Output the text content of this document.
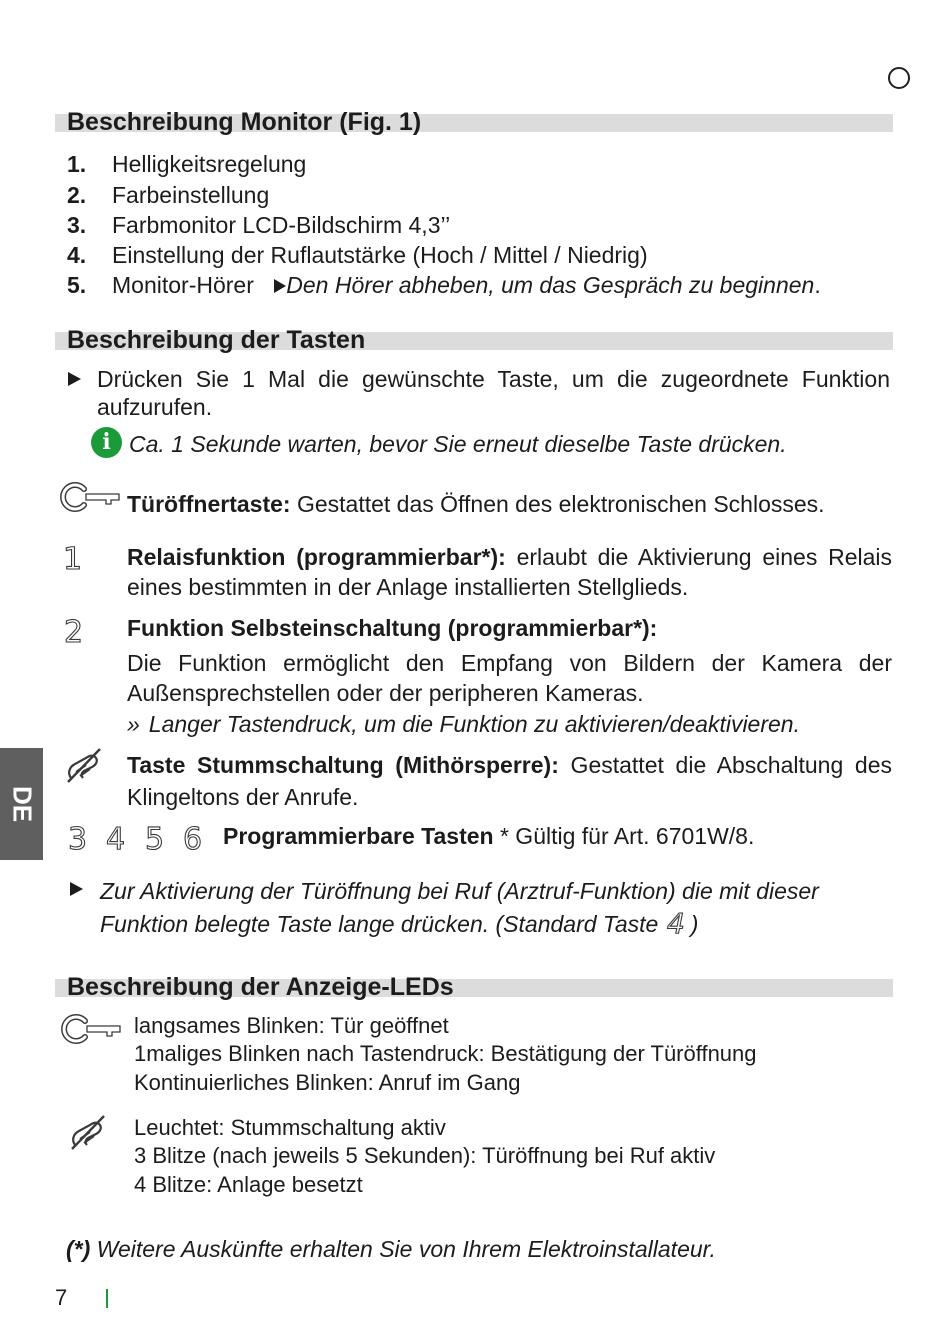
DE
Beschreibung Monitor (Fig. 1)
1. Helligkeitsregelung
2. Farbeinstellung
3. Farbmonitor LCD-Bildschirm 4,3’’
4. Einstellung der Ruflautstärke (Hoch / Mittel / Niedrig)
5. Monitor-Hörer Den Hörer abheben, um das Gespräch zu beginnen.
Beschreibung der Tasten
Drücken Sie 1 Mal die gewünschte Taste, um die zugeordnete Funktion aufzurufen.
i Ca. 1 Sekunde warten, bevor Sie erneut dieselbe Taste drücken.
Türöffnertaste: Gestattet das Öffnen des elektronischen Schlosses.
1 Relaisfunktion (programmierbar*): erlaubt die Aktivierung eines Relais eines bestimmten in der Anlage installierten Stellglieds.
2 Funktion Selbsteinschaltung (programmierbar*):
Die Funktion ermöglicht den Empfang von Bildern der Kamera der Außensprechstellen oder der peripheren Kameras.
» Langer Tastendruck, um die Funktion zu aktivieren/deaktivieren.
Taste Stummschaltung (Mithörsperre): Gestattet die Abschaltung des Klingeltons der Anrufe.
3 4 5 6 Programmierbare Tasten * Gültig für Art. 6701W/8.
Zur Aktivierung der Türöffnung bei Ruf (Arztruf-Funktion) die mit dieser Funktion belegte Taste lange drücken. (Standard Taste 4 )
Beschreibung der Anzeige-LEDs
langsames Blinken: Tür geöffnet
1maliges Blinken nach Tastendruck: Bestätigung der Türöffnung
Kontinuierliches Blinken: Anruf im Gang
Leuchtet: Stummschaltung aktiv
3 Blitze (nach jeweils 5 Sekunden): Türöffnung bei Ruf aktiv
4 Blitze: Anlage besetzt
(*) Weitere Auskünfte erhalten Sie von Ihrem Elektroinstallateur.
7
